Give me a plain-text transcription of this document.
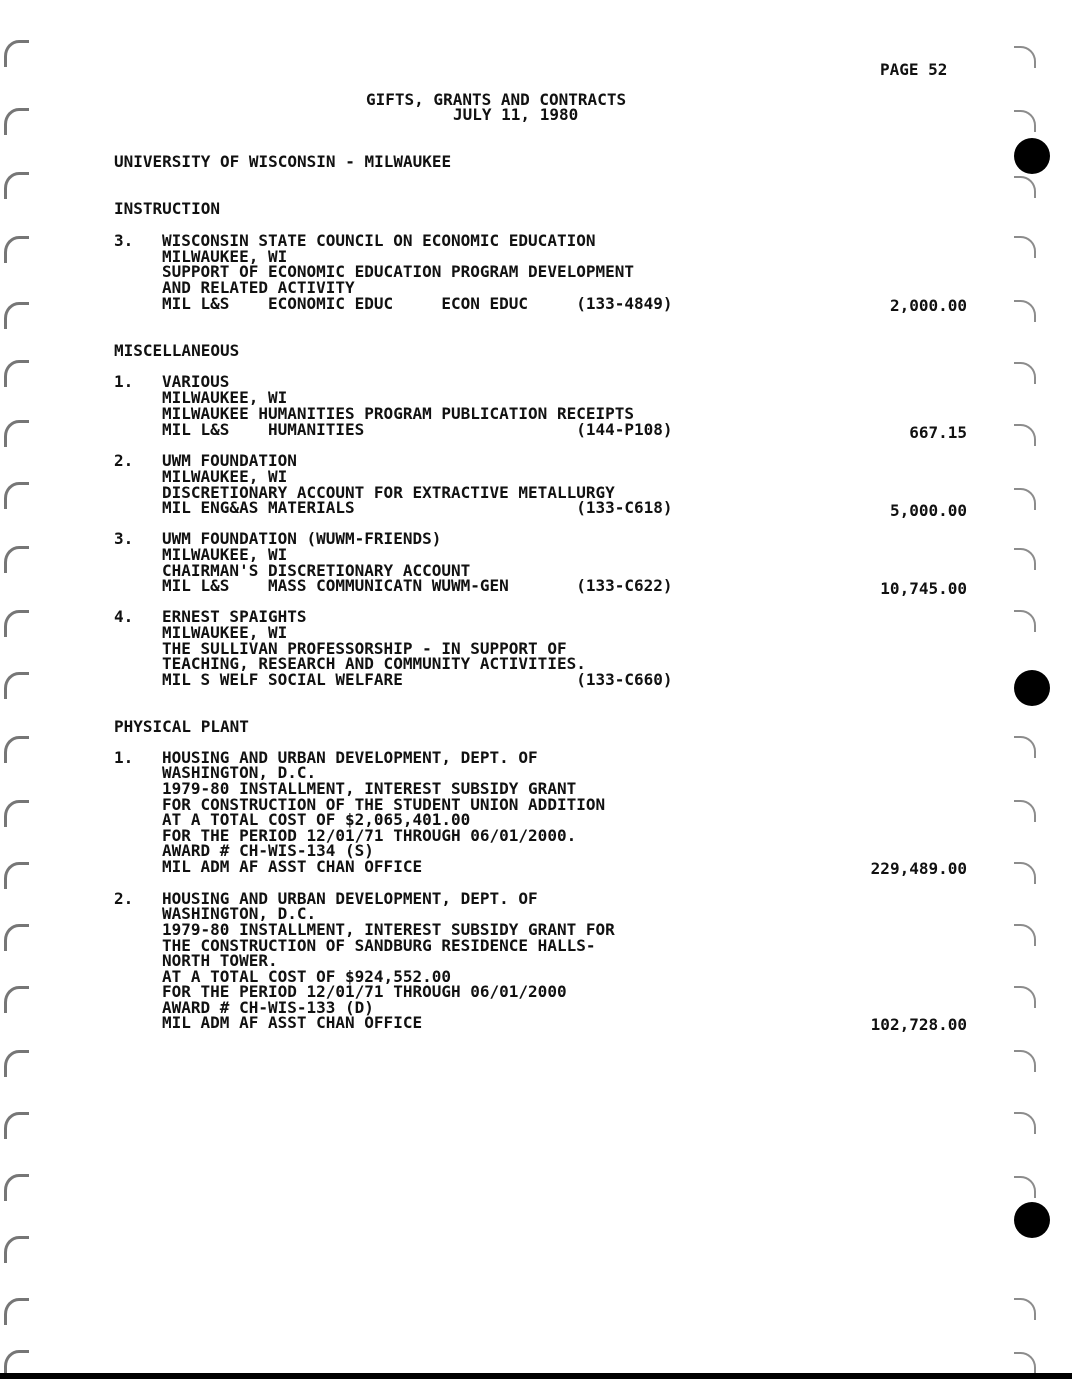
PAGE 52
GIFTS, GRANTS AND CONTRACTS
JULY 11, 1980
UNIVERSITY OF WISCONSIN - MILWAUKEE
INSTRUCTION
3. WISCONSIN STATE COUNCIL ON ECONOMIC EDUCATION
MILWAUKEE, WI
SUPPORT OF ECONOMIC EDUCATION PROGRAM DEVELOPMENT
AND RELATED ACTIVITY
MIL L&S    ECONOMIC EDUC     ECON EDUC     (133-4849)	2,000.00
MISCELLANEOUS
1. VARIOUS
MILWAUKEE, WI
MILWAUKEE HUMANITIES PROGRAM PUBLICATION RECEIPTS
MIL L&S    HUMANITIES                      (144-P108)	667.15
2. UWM FOUNDATION
MILWAUKEE, WI
DISCRETIONARY ACCOUNT FOR EXTRACTIVE METALLURGY
MIL ENG&AS MATERIALS                       (133-C618)	5,000.00
3. UWM FOUNDATION (WUWM-FRIENDS)
MILWAUKEE, WI
CHAIRMAN'S DISCRETIONARY ACCOUNT
MIL L&S    MASS COMMUNICATN WUWM-GEN       (133-C622)	10,745.00
4. ERNEST SPAIGHTS
MILWAUKEE, WI
THE SULLIVAN PROFESSORSHIP - IN SUPPORT OF
TEACHING, RESEARCH AND COMMUNITY ACTIVITIES.
MIL S WELF SOCIAL WELFARE                  (133-C660)
PHYSICAL PLANT
1. HOUSING AND URBAN DEVELOPMENT, DEPT. OF
WASHINGTON, D.C.
1979-80 INSTALLMENT, INTEREST SUBSIDY GRANT
FOR CONSTRUCTION OF THE STUDENT UNION ADDITION
AT A TOTAL COST OF $2,065,401.00
FOR THE PERIOD 12/01/71 THROUGH 06/01/2000.
AWARD # CH-WIS-134 (S)
MIL ADM AF ASST CHAN OFFICE	229,489.00
2. HOUSING AND URBAN DEVELOPMENT, DEPT. OF
WASHINGTON, D.C.
1979-80 INSTALLMENT, INTEREST SUBSIDY GRANT FOR
THE CONSTRUCTION OF SANDBURG RESIDENCE HALLS-
NORTH TOWER.
AT A TOTAL COST OF $924,552.00
FOR THE PERIOD 12/01/71 THROUGH 06/01/2000
AWARD # CH-WIS-133 (D)
MIL ADM AF ASST CHAN OFFICE	102,728.00
